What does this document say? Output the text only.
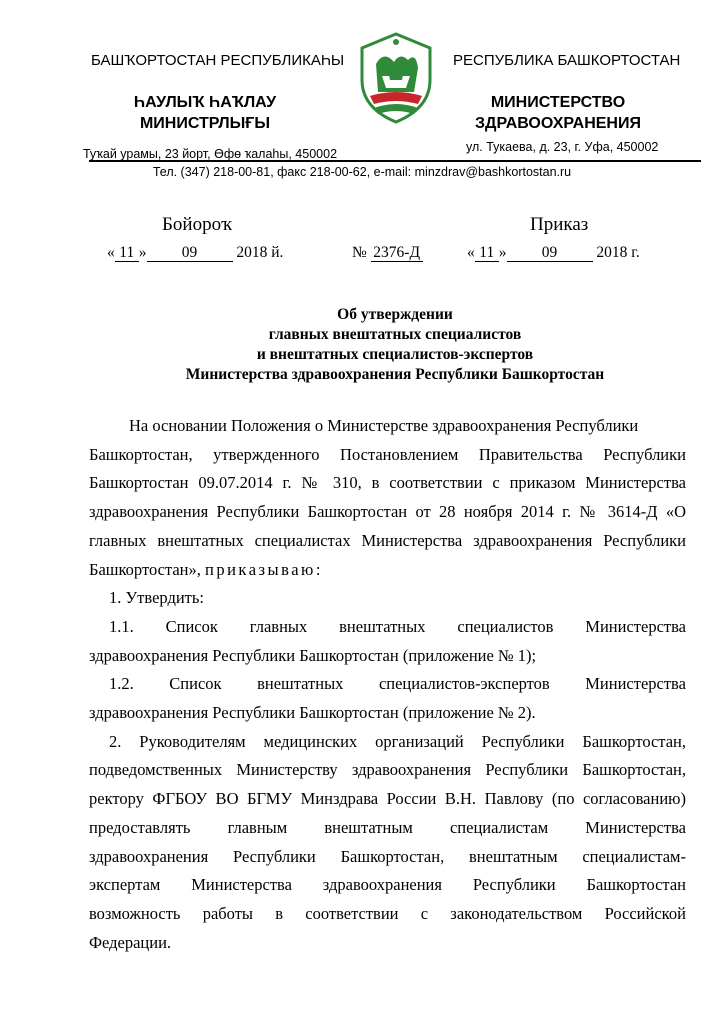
БАШҠОРТОСТАН РЕСПУБЛИКАҺЫ
ҺАУЛЫҠ ҺАҠЛАУ
МИНИСТРЛЫҒЫ
Туҡай урамы, 23 йорт, Өфө ҡалаһы, 450002
РЕСПУБЛИКА БАШКОРТОСТАН
МИНИСТЕРСТВО
ЗДРАВООХРАНЕНИЯ
ул. Тукаева, д. 23, г. Уфа, 450002
Тел. (347) 218-00-81, факс 218-00-62, e-mail: minzdrav@bashkortostan.ru
Бойороҡ	Приказ
« 11 » 09	2018 й.	№ 2376-Д	« 11 » 09	2018 г.
Об утверждении
главных внештатных специалистов
и внештатных специалистов-экспертов
Министерства здравоохранения Республики Башкортостан
На основании Положения о Министерстве здравоохранения Республики
Башкортостан, утвержденного Постановлением Правительства Республики
Башкортостан 09.07.2014 г. № 310, в соответствии с приказом Министерства
здравоохранения Республики Башкортостан от 28 ноября 2014 г. № 3614-Д «О
главных внештатных специалистах Министерства здравоохранения Республики
Башкортостан», приказываю:
1. Утвердить:
1.1. Список главных внештатных специалистов Министерства
здравоохранения Республики Башкортостан (приложение № 1);
1.2. Список внештатных специалистов-экспертов Министерства
здравоохранения Республики Башкортостан (приложение № 2).
2. Руководителям медицинских организаций Республики Башкортостан,
подведомственных Министерству здравоохранения Республики Башкортостан,
ректору ФГБОУ ВО БГМУ Минздрава России В.Н. Павлову (по согласованию)
предоставлять главным внештатным специалистам Министерства
здравоохранения Республики Башкортостан, внештатным специалистам-
экспертам Министерства здравоохранения Республики Башкортостан
возможность работы в соответствии с законодательством Российской
Федерации.
